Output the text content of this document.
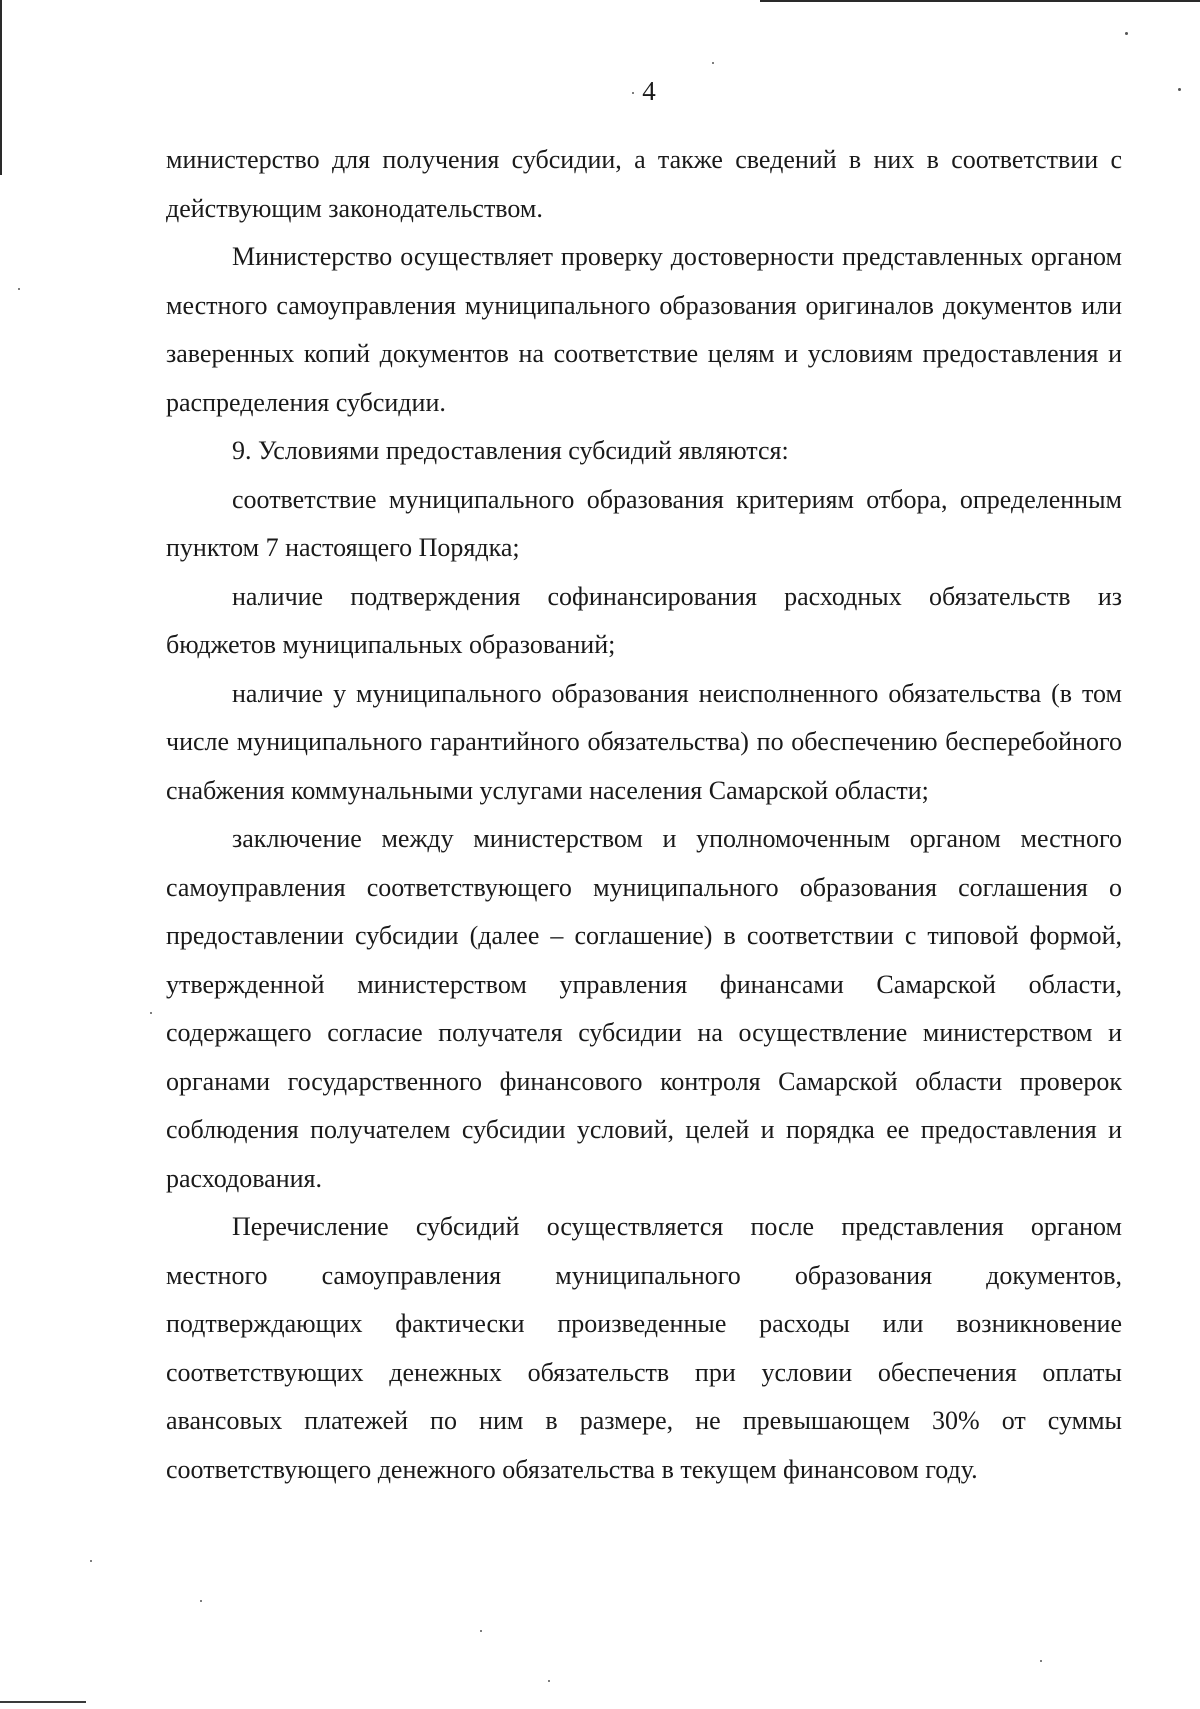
4

министерство для получения субсидии, а также сведений в них в соответствии с действующим законодательством.

Министерство осуществляет проверку достоверности представленных органом местного самоуправления муниципального образования оригиналов документов или заверенных копий документов на соответствие целям и условиям предоставления и распределения субсидии.

9. Условиями предоставления субсидий являются:

соответствие муниципального образования критериям отбора, определенным пунктом 7 настоящего Порядка;

наличие подтверждения софинансирования расходных обязательств из бюджетов муниципальных образований;

наличие у муниципального образования неисполненного обязательства (в том числе муниципального гарантийного обязательства) по обеспечению бесперебойного снабжения коммунальными услугами населения Самарской области;

заключение между министерством и уполномоченным органом местного самоуправления соответствующего муниципального образования соглашения о предоставлении субсидии (далее – соглашение) в соответствии с типовой формой, утвержденной министерством управления финансами Самарской области, содержащего согласие получателя субсидии на осуществление министерством и органами государственного финансового контроля Самарской области проверок соблюдения получателем субсидии условий, целей и порядка ее предоставления и расходования.

Перечисление субсидий осуществляется после представления органом местного самоуправления муниципального образования документов, подтверждающих фактически произведенные расходы или возникновение соответствующих денежных обязательств при условии обеспечения оплаты авансовых платежей по ним в размере, не превышающем 30% от суммы соответствующего денежного обязательства в текущем финансовом году.
